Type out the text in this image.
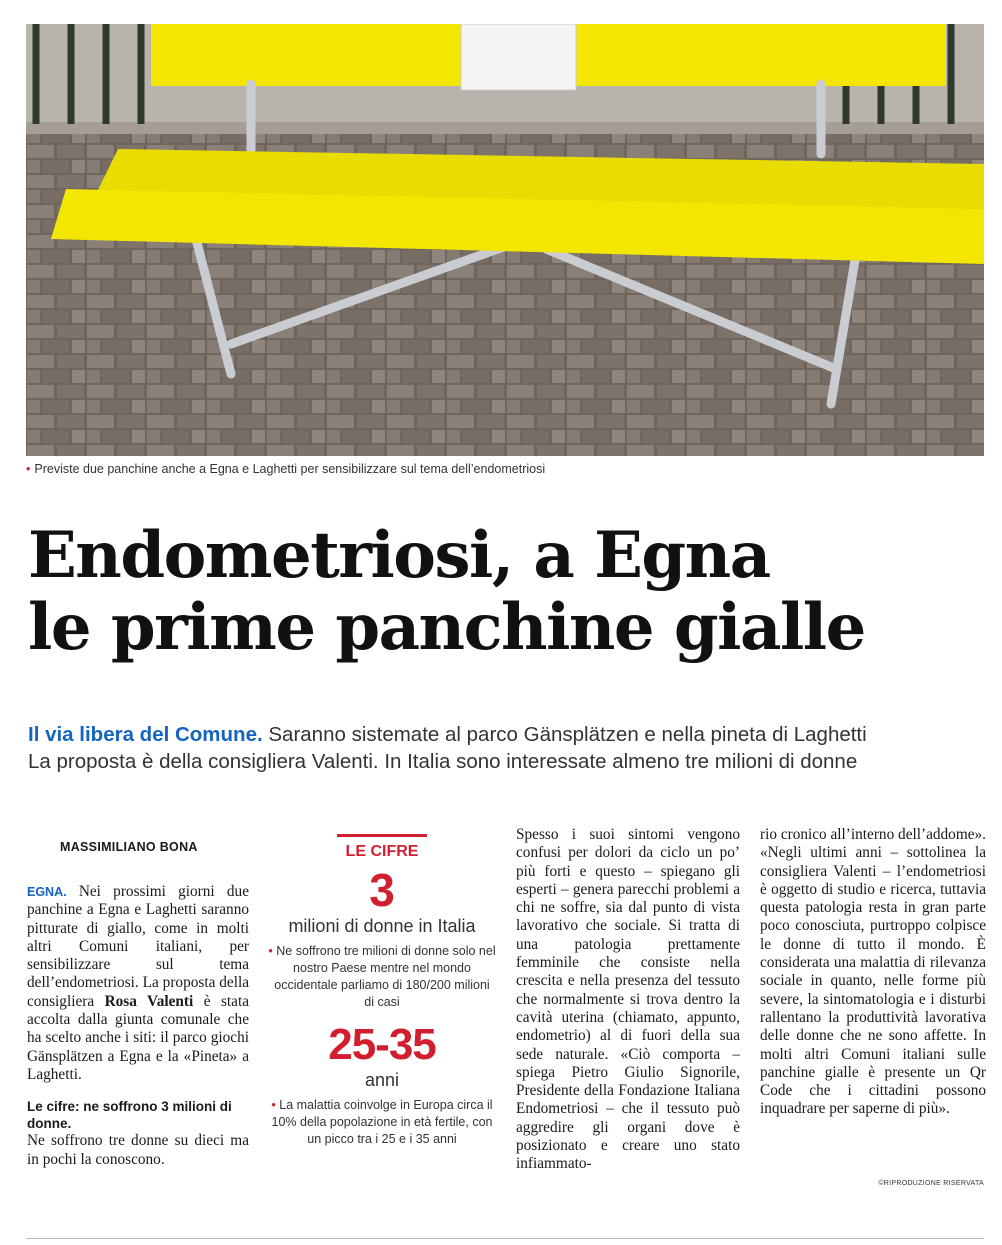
• Previste due panchine anche a Egna e Laghetti per sensibilizzare sul tema dell’endometriosi
Endometriosi, a Egna
le prime panchine gialle
Il via libera del Comune. Saranno sistemate al parco Gänsplätzen e nella pineta di Laghetti
La proposta è della consigliera Valenti. In Italia sono interessate almeno tre milioni di donne
MASSIMILIANO BONA
EGNA. Nei prossimi giorni due panchine a Egna e Laghetti saranno pitturate di giallo, come in molti altri Comuni italiani, per sensibilizzare sul tema dell’endometriosi. La proposta della consigliera Rosa Valenti è stata accolta dalla giunta comunale che ha scelto anche i siti: il parco giochi Gänsplätzen a Egna e la «Pineta» a Laghetti.
Le cifre: ne soffrono 3 milioni di donne.
Ne soffrono tre donne su dieci ma in pochi la conoscono.
LE CIFRE
3
milioni di donne in Italia
• Ne soffrono tre milioni di donne solo nel nostro Paese mentre nel mondo occidentale parliamo di 180/200 milioni di casi
25-35
anni
• La malattia coinvolge in Europa circa il 10% della popolazione in età fertile, con un picco tra i 25 e i 35 anni
Spesso i suoi sintomi vengono confusi per dolori da ciclo un po’ più forti e questo – spiegano gli esperti – genera parecchi problemi a chi ne soffre, sia dal punto di vista lavorativo che sociale. Si tratta di una patologia prettamente femminile che consiste nella crescita e nella presenza del tessuto che normalmente si trova dentro la cavità uterina (chiamato, appunto, endometrio) al di fuori della sua sede naturale. «Ciò comporta – spiega Pietro Giulio Signorile, Presidente della Fondazione Italiana Endometriosi – che il tessuto può aggredire gli organi dove è posizionato e creare uno stato infiammato-
rio cronico all’interno dell’addome». «Negli ultimi anni – sottolinea la consigliera Valenti – l’endometriosi è oggetto di studio e ricerca, tuttavia questa patologia resta in gran parte poco conosciuta, purtroppo colpisce le donne di tutto il mondo. È considerata una malattia di rilevanza sociale in quanto, nelle forme più severe, la sintomatologia e i disturbi rallentano la produttività lavorativa delle donne che ne sono affette. In molti altri Comuni italiani sulle panchine gialle è presente un Qr Code che i cittadini possono inquadrare per saperne di più».
©RIPRODUZIONE RISERVATA
